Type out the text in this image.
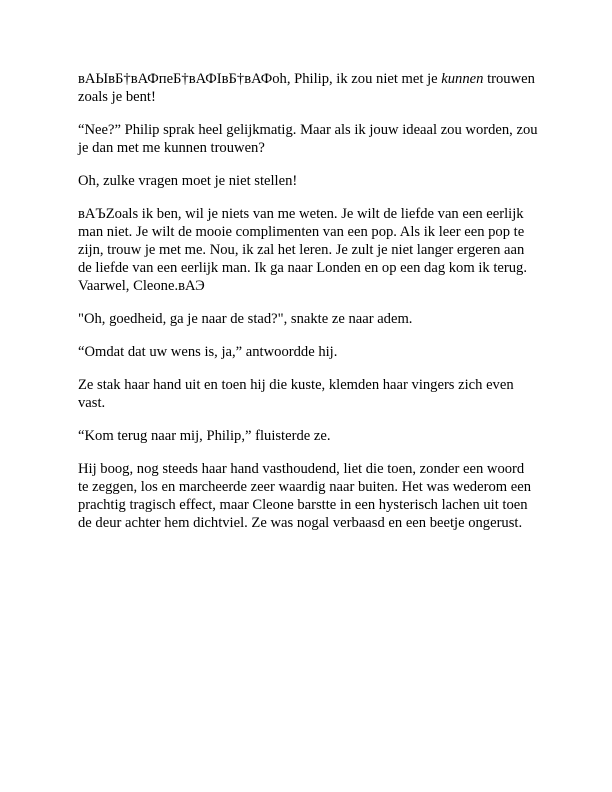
вАЫвБ†вАФпеБ†вАФІвБ†вАФoh, Philip, ik zou niet met je kunnen trouwen zoals je bent!

“Nee?” Philip sprak heel gelijkmatig. Maar als ik jouw ideaal zou worden, zou je dan met me kunnen trouwen?

Oh, zulke vragen moet je niet stellen!

вАЪZoals ik ben, wil je niets van me weten. Je wilt de liefde van een eerlijk man niet. Je wilt de mooie complimenten van een pop. Als ik leer een pop te zijn, trouw je met me. Nou, ik zal het leren. Je zult je niet langer ergeren aan de liefde van een eerlijk man. Ik ga naar Londen en op een dag kom ik terug. Vaarwel, Cleone.вАЭ

"Oh, goedheid, ga je naar de stad?", snakte ze naar adem.

“Omdat dat uw wens is, ja,” antwoordde hij.

Ze stak haar hand uit en toen hij die kuste, klemden haar vingers zich even vast.

“Kom terug naar mij, Philip,” fluisterde ze.

Hij boog, nog steeds haar hand vasthoudend, liet die toen, zonder een woord te zeggen, los en marcheerde zeer waardig naar buiten. Het was wederom een prachtig tragisch effect, maar Cleone barstte in een hysterisch lachen uit toen de deur achter hem dichtviel. Ze was nogal verbaasd en een beetje ongerust.
